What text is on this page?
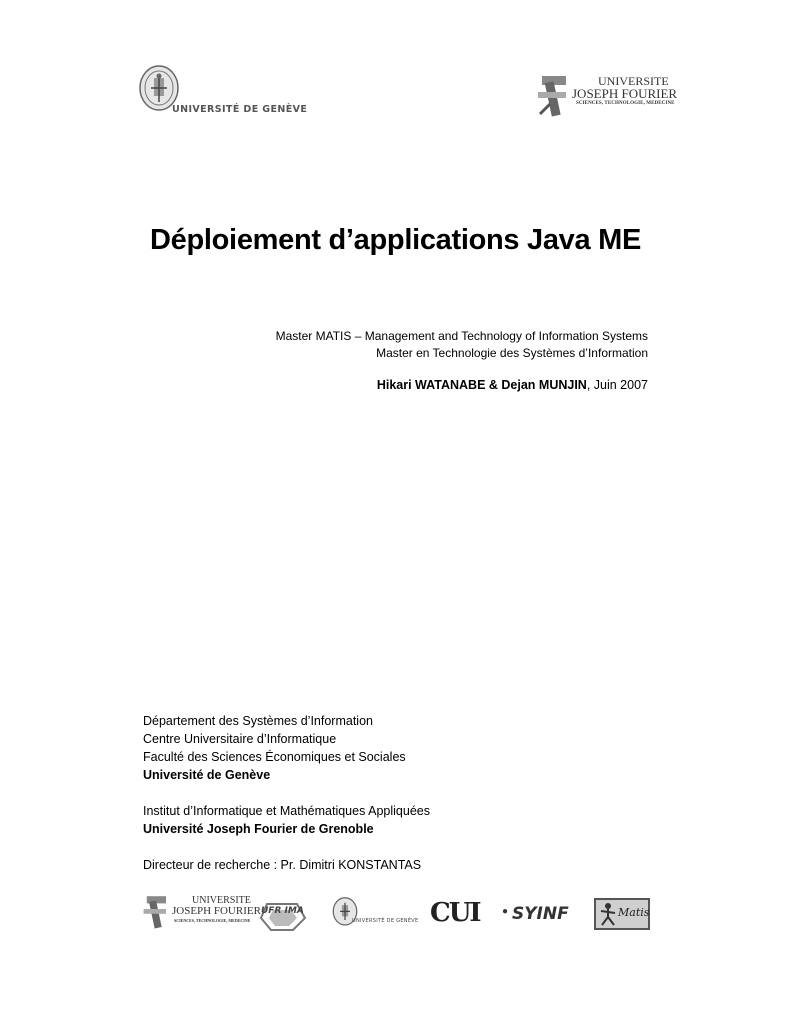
UNIVERSITÉ DE GENÈVE
UNIVERSITE
JOSEPH FOURIER
SCIENCES, TECHNOLOGIE, MEDECINE
Déploiement d’applications Java ME
Master MATIS – Management and Technology of Information Systems
Master en Technologie des Systèmes d’Information
Hikari WATANABE & Dejan MUNJIN, Juin 2007
Département des Systèmes d’Information
Centre Universitaire d’Informatique
Faculté des Sciences Économiques et Sociales
Université de Genève
Institut d’Informatique et Mathématiques Appliquées
Université Joseph Fourier de Grenoble
Directeur de recherche : Pr. Dimitri KONSTANTAS
UNIVERSITE
JOSEPH FOURIER
SCIENCES, TECHNOLOGIE, MEDECINE
UFR IMA
UNIVERSITÉ DE GENÈVE CUI ● SYINF	Matis
